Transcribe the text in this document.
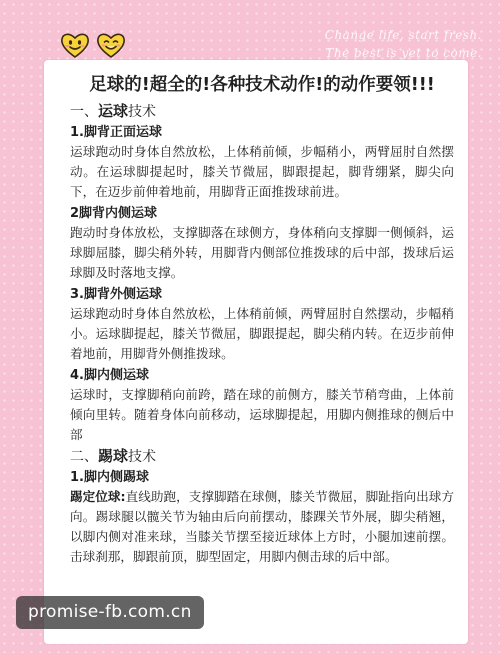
Change life, start fresh.
The best is yet to come.
足球的!超全的!各种技术动作!的动作要领!!!
一、运球技术
1.脚背正面运球

运球跑动时身体自然放松，上体稍前倾，步幅稍小，两臂屈肘自然摆动。在运球脚提起时，膝关节微屈，脚跟提起，脚背绷紧，脚尖向下，在迈步前伸着地前，用脚背正面推拨球前进。

2脚背内侧运球

跑动时身体放松，支撑脚落在球侧方，身体稍向支撑脚一侧倾斜，运球脚屈膝，脚尖稍外转，用脚背内侧部位推拨球的后中部，拨球后运球脚及时落地支撑。

3.脚背外侧运球

运球跑动时身体自然放松，上体稍前倾，两臂屈肘自然摆动，步幅稍小。运球脚提起，膝关节微屈，脚跟提起，脚尖稍内转。在迈步前伸着地前，用脚背外侧推拨球。

4.脚内侧运球

运球时，支撑脚稍向前跨，踏在球的前侧方，膝关节稍弯曲，上体前倾向里转。随着身体向前移动，运球脚提起，用脚内侧推球的侧后中部

二、踢球技术
1.脚内侧踢球

踢定位球:直线助跑，支撑脚踏在球侧，膝关节微屈，脚趾指向出球方向。踢球腿以髋关节为轴由后向前摆动，膝踝关节外展，脚尖稍翘，以脚内侧对准来球，当膝关节摆至接近球体上方时，小腿加速前摆。击球刹那，脚跟前顶，脚型固定，用脚内侧击球的后中部。

promise-fb.com.cn
